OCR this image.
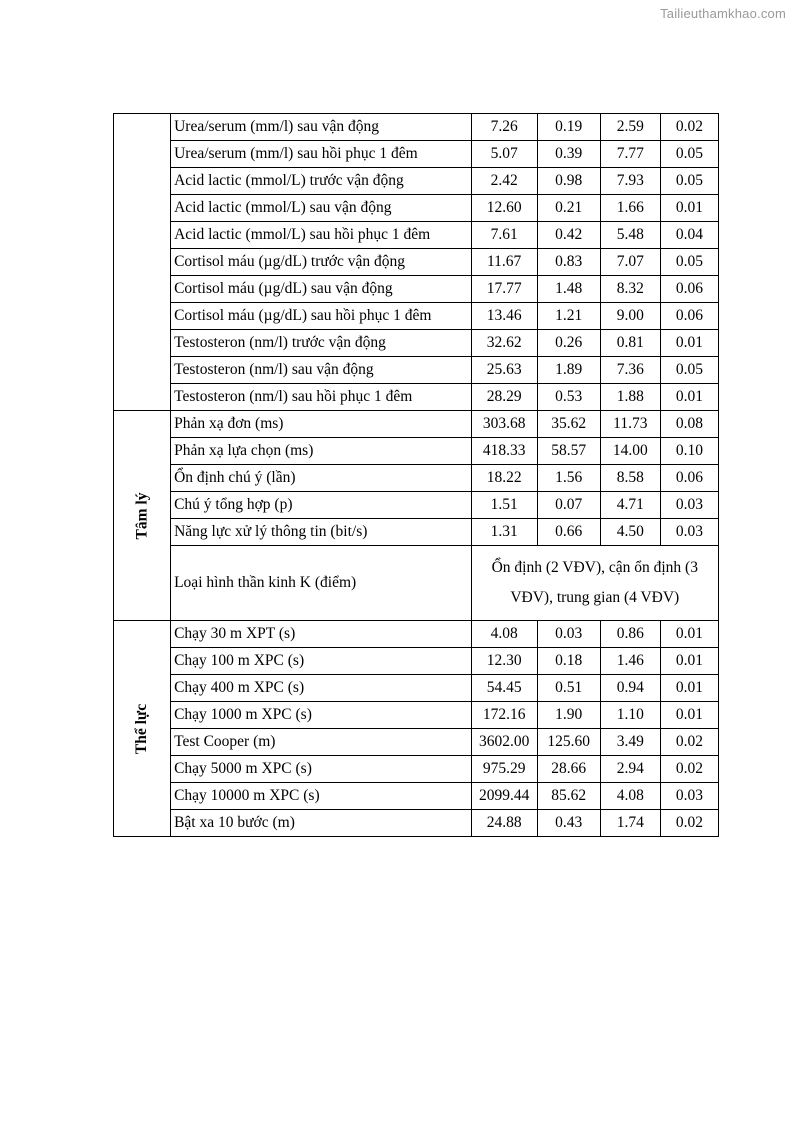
Tailieuthamkhao.com
	Urea/serum (mm/l) sau vận động	7.26	0.19	2.59	0.02
	Urea/serum (mm/l) sau hồi phục 1 đêm	5.07	0.39	7.77	0.05
	Acid lactic (mmol/L) trước vận động	2.42	0.98	7.93	0.05
	Acid lactic (mmol/L) sau vận động	12.60	0.21	1.66	0.01
	Acid lactic (mmol/L) sau hồi phục 1 đêm	7.61	0.42	5.48	0.04
	Cortisol máu (µg/dL) trước vận động	11.67	0.83	7.07	0.05
	Cortisol máu (µg/dL) sau vận động	17.77	1.48	8.32	0.06
	Cortisol máu (µg/dL) sau hồi phục 1 đêm	13.46	1.21	9.00	0.06
	Testosteron (nm/l) trước vận động	32.62	0.26	0.81	0.01
	Testosteron (nm/l) sau vận động	25.63	1.89	7.36	0.05
	Testosteron (nm/l) sau hồi phục 1 đêm	28.29	0.53	1.88	0.01
Tâm lý	Phản xạ đơn (ms)	303.68	35.62	11.73	0.08
	Phản xạ lựa chọn (ms)	418.33	58.57	14.00	0.10
	Ổn định chú ý (lần)	18.22	1.56	8.58	0.06
	Chú ý tổng hợp (p)	1.51	0.07	4.71	0.03
	Năng lực xử lý thông tin (bit/s)	1.31	0.66	4.50	0.03
	Loại hình thần kinh K (điểm)	Ổn định (2 VĐV), cận ổn định (3 VĐV), trung gian (4 VĐV)			
Thể lực	Chạy 30 m XPT (s)	4.08	0.03	0.86	0.01
	Chạy 100 m XPC (s)	12.30	0.18	1.46	0.01
	Chạy 400 m XPC (s)	54.45	0.51	0.94	0.01
	Chạy 1000 m XPC (s)	172.16	1.90	1.10	0.01
	Test Cooper (m)	3602.00	125.60	3.49	0.02
	Chạy 5000 m XPC (s)	975.29	28.66	2.94	0.02
	Chạy 10000 m XPC (s)	2099.44	85.62	4.08	0.03
	Bật xa 10 bước (m)	24.88	0.43	1.74	0.02
